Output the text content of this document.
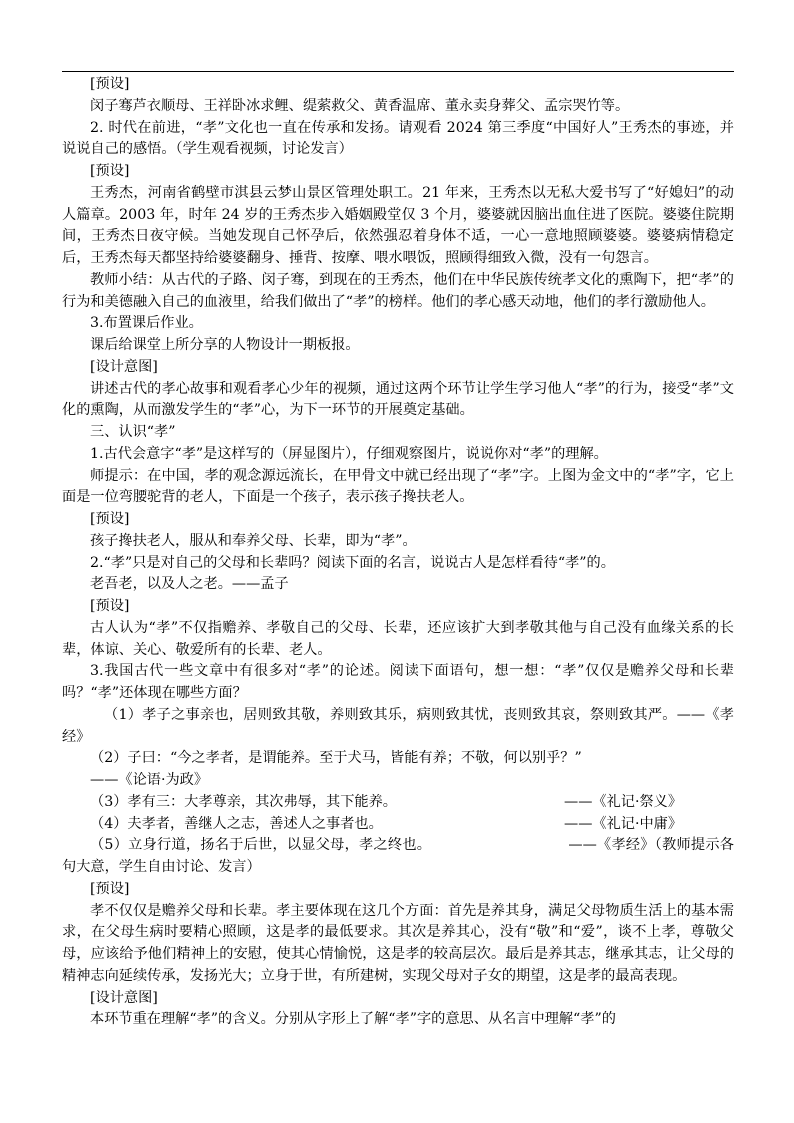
[预设]

闵子骞芦衣顺母、王祥卧冰求鲤、缇萦救父、黄香温席、董永卖身葬父、孟宗哭竹等。

2. 时代在前进，“孝”文化也一直在传承和发扬。请观看 2024 第三季度“中国好人”王秀杰的事迹，并说说自己的感悟。（学生观看视频，讨论发言）

[预设]

王秀杰，河南省鹤壁市淇县云梦山景区管理处职工。21 年来，王秀杰以无私大爱书写了“好媳妇”的动人篇章。2003 年，时年 24 岁的王秀杰步入婚姻殿堂仅 3 个月，婆婆就因脑出血住进了医院。婆婆住院期间，王秀杰日夜守候。当她发现自己怀孕后，依然强忍着身体不适，一心一意地照顾婆婆。婆婆病情稳定后，王秀杰每天都坚持给婆婆翻身、捶背、按摩、喂水喂饭，照顾得细致入微，没有一句怨言。

教师小结：从古代的子路、闵子骞，到现在的王秀杰，他们在中华民族传统孝文化的熏陶下，把“孝”的行为和美德融入自己的血液里，给我们做出了“孝”的榜样。他们的孝心感天动地，他们的孝行激励他人。

3.布置课后作业。

课后给课堂上所分享的人物设计一期板报。

[设计意图]

讲述古代的孝心故事和观看孝心少年的视频，通过这两个环节让学生学习他人“孝”的行为，接受“孝”文化的熏陶，从而激发学生的“孝”心，为下一环节的开展奠定基础。

三、认识“孝”

1.古代会意字“孝”是这样写的（屏显图片），仔细观察图片，说说你对“孝”的理解。

师提示：在中国，孝的观念源远流长，在甲骨文中就已经出现了“孝”字。上图为金文中的“孝”字，它上面是一位弯腰驼背的老人，下面是一个孩子，表示孩子搀扶老人。

[预设]

孩子搀扶老人，服从和奉养父母、长辈，即为“孝”。

2.“孝”只是对自己的父母和长辈吗？阅读下面的名言，说说古人是怎样看待“孝”的。

老吾老，以及人之老。——孟子

[预设]

古人认为“孝”不仅指赡养、孝敬自己的父母、长辈，还应该扩大到孝敬其他与自己没有血缘关系的长辈，体谅、关心、敬爱所有的长辈、老人。

3.我国古代一些文章中有很多对“孝”的论述。阅读下面语句，想一想：“孝”仅仅是赡养父母和长辈吗？“孝”还体现在哪些方面？

（1）孝子之事亲也，居则致其敬，养则致其乐，病则致其忧，丧则致其哀，祭则致其严。——《孝经》

（2）子曰：“今之孝者，是谓能养。至于犬马，皆能有养；不敬，何以别乎？”

——《论语·为政》

（3）孝有三：大孝尊亲，其次弗辱，其下能养。	——《礼记·祭义》
（4）夫孝者，善继人之志，善述人之事者也。	——《礼记·中庸》

（5）立身行道，扬名于后世，以显父母，孝之终也。　　　　　　　　　　——《孝经》（教师提示各句大意，学生自由讨论、发言）

[预设]

孝不仅仅是赡养父母和长辈。孝主要体现在这几个方面：首先是养其身，满足父母物质生活上的基本需求，在父母生病时要精心照顾，这是孝的最低要求。其次是养其心，没有“敬”和“爱”，谈不上孝，尊敬父母，应该给予他们精神上的安慰，使其心情愉悦，这是孝的较高层次。最后是养其志，继承其志，让父母的精神志向延续传承，发扬光大；立身于世，有所建树，实现父母对子女的期望，这是孝的最高表现。

[设计意图]

本环节重在理解“孝”的含义。分别从字形上了解“孝”字的意思、从名言中理解“孝”的
